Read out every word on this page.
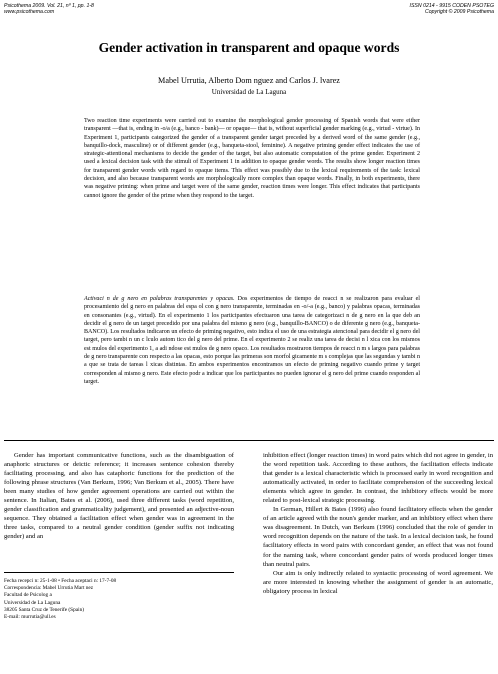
Psicothema 2009. Vol. 21, nº 1, pp. 1-8
www.psicothema.com
ISSN 0214 - 9915 CODEN PSOTEG
Copyright © 2009 Psicothema
Gender activation in transparent and opaque words
Mabel Urrutia, Alberto Dom nguez and Carlos J. lvarez
Universidad de La Laguna
Two reaction time experiments were carried out to examine the morphological gender processing of Spanish words that were either transparent —that is, ending in -o/a (e.g., banco - bank)— or opaque— that is, without superficial gender marking (e.g., virtud - virtue). In Experiment 1, participants categorized the gender of a transparent gender target preceded by a derived word of the same gender (e.g., banquillo-dock, masculine) or of different gender (e.g., banqueta-stool, feminine). A negative priming gender effect indicates the use of strategic-attentional mechanisms to decide the gender of the target, but also automatic computation of the prime gender. Experiment 2 used a lexical decision task with the stimuli of Experiment 1 in addition to opaque gender words. The results show longer reaction times for transparent gender words with regard to opaque items. This effect was possibly due to the lexical requirements of the task: lexical decision, and also because transparent words are morphologically more complex than opaque words. Finally, in both experiments, there was negative priming: when prime and target were of the same gender, reaction times were longer. This effect indicates that participants cannot ignore the gender of the prime when they respond to the target.
Activaci n de g nero en palabras transparentes y opacas. Dos experimentos de tiempo de reacci n se realizaron para evaluar el procesamiento del g nero en palabras del espa ol con g nero transparente, terminadas en -o/-a (e.g., banco) y palabras opacas, terminadas en consonantes (e.g., virtud). En el experimento 1 los participantes efectuaron una tarea de categorizaci n de g nero en la que deb an decidir el g nero de un target precedido por una palabra del mismo g nero (e.g., banquillo-BANCO) o de diferente g nero (e.g., banqueta-BANCO). Los resultados indicaron un efecto de priming negativo, esto indica el uso de una estrategia atencional para decidir el g nero del target, pero tambi n un c lculo autom tico del g nero del prime. En el experimento 2 se realiz una tarea de decisi n l xica con los mismos est mulos del experimento 1, a adi ndose est mulos de g nero opaco. Los resultados mostraron tiempos de reacci n m s largos para palabras de g nero transparente con respecto a las opacas, esto porque las primeras son morfol gicamente m s complejas que las segundas y tambi n a que se trata de tareas l xicas distintas. En ambos experimentos encontramos un efecto de priming negativo cuando prime y target corresponden al mismo g nero. Este efecto podr a indicar que los participantes no pueden ignorar el g nero del prime cuando responden al target.

Gender has important communicative functions, such as the disambiguation of anaphoric structures or deictic reference; it increases sentence cohesion thereby facilitating processing, and also has cataphoric functions for the prediction of the following phrase structures (Van Berkum, 1996; Van Berkum et al., 2005). There have been many studies of how gender agreement operations are carried out within the sentence. In Italian, Bates et al. (2006), used three different tasks (word repetition, gender classification and grammaticality judgement), and presented an adjective-noun sequence. They obtained a facilitation effect when gender was in agreement in the three tasks, compared to a neutral gender condition (gender suffix not indicating gender) and an

inhibition effect (longer reaction times) in word pairs which did not agree in gender, in the word repetition task. According to these authors, the facilitation effects indicate that gender is a lexical characteristic which is processed early in word recognition and automatically activated, in order to facilitate comprehension of the succeeding lexical elements which agree in gender. In contrast, the inhibitory effects would be more related to post-lexical strategic processing.

In German, Hillert & Bates (1996) also found facilitatory effects when the gender of an article agreed with the noun's gender marker, and an inhibitory effect when there was disagreement. In Dutch, van Berkum (1996) concluded that the role of gender in word recognition depends on the nature of the task. In a lexical decision task, he found facilitatory effects in word pairs with concordant gender, an effect that was not found for the naming task, where concordant gender pairs of words produced longer times than neutral pairs.

Our aim is only indirectly related to syntactic processing of word agreement. We are more interested in knowing whether the assignment of gender is an automatic, obligatory process in lexical

Fecha recepci n: 25-1-08 • Fecha aceptaci n: 17-7-08
Correspondencia: Mabel Urrutia Mart nez
Facultad de Psicolog a
Universidad de La Laguna
38205 Santa Cruz de Tenerife (Spain)
E-mail: murrutia@ull.es
